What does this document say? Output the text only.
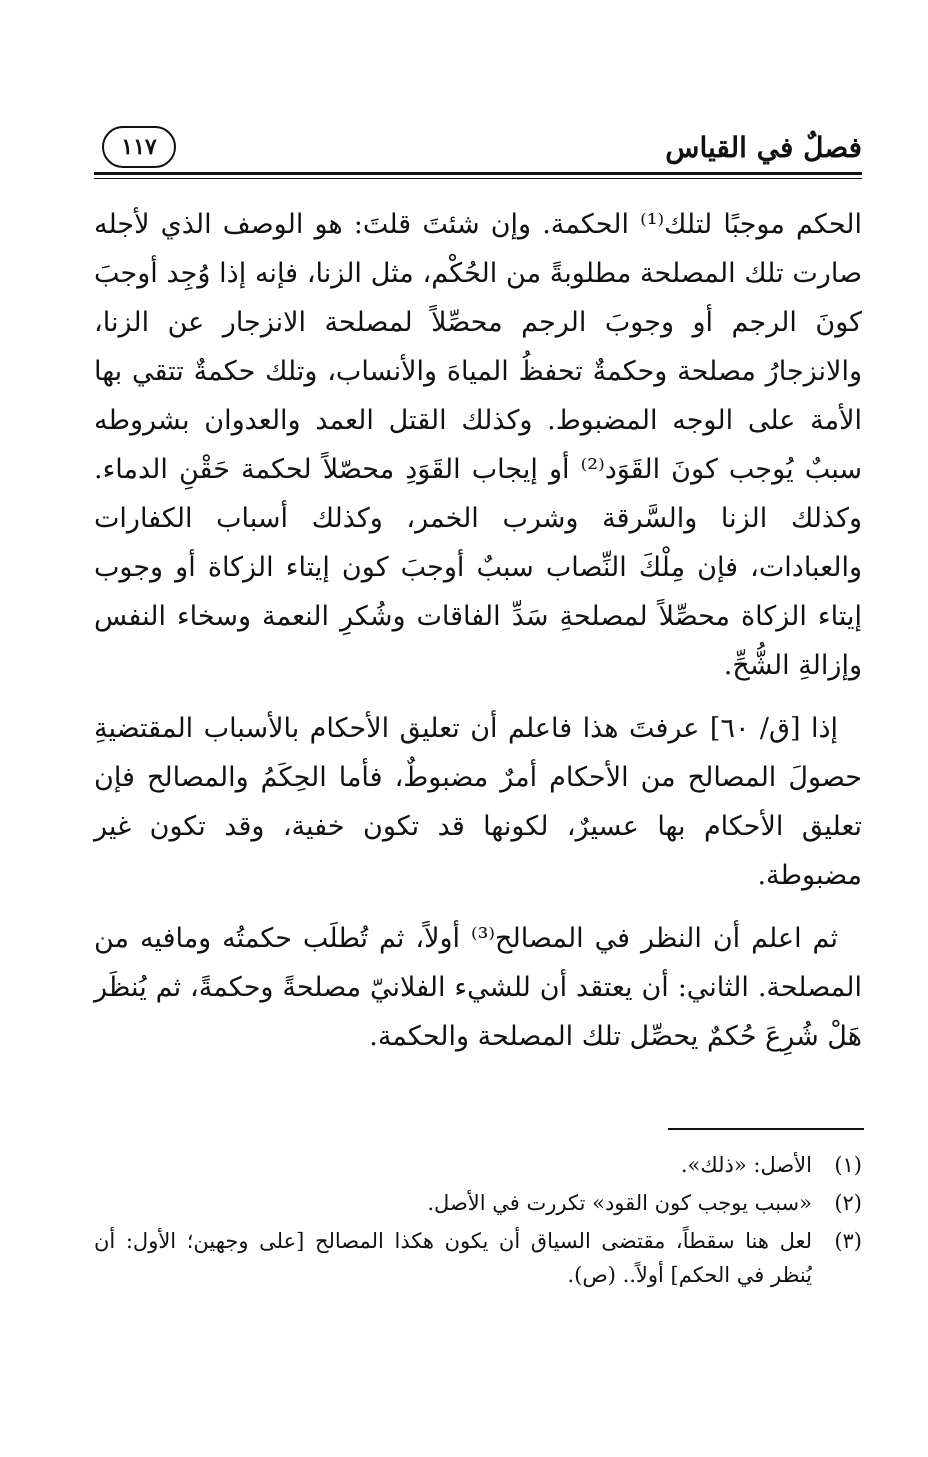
فصلٌ في القياس
١١٧

الحكم موجبًا لتلك⁽¹⁾ الحكمة. وإن شئتَ قلتَ: هو الوصف الذي لأجله صارت تلك المصلحة مطلوبةً من الحُكْم، مثل الزنا، فإنه إذا وُجِد أوجبَ كونَ الرجم أو وجوبَ الرجم محصِّلاً لمصلحة الانزجار عن الزنا، والانزجارُ مصلحة وحكمةٌ تحفظُ المياهَ والأنساب، وتلك حكمةٌ تتقي بها الأمة على الوجه المضبوط. وكذلك القتل العمد والعدوان بشروطه سببٌ يُوجب كونَ القَوَد⁽²⁾ أو إيجاب القَوَدِ محصّلاً لحكمة حَقْنِ الدماء. وكذلك الزنا والسَّرقة وشرب الخمر، وكذلك أسباب الكفارات والعبادات، فإن مِلْكَ النِّصاب سببٌ أوجبَ كون إيتاء الزكاة أو وجوب إيتاء الزكاة محصِّلاً لمصلحةِ سَدِّ الفاقات وشُكرِ النعمة وسخاء النفس وإزالةِ الشُّحِّ.

إذا [ق/ ٦٠] عرفتَ هذا فاعلم أن تعليق الأحكام بالأسباب المقتضيةِ حصولَ المصالح من الأحكام أمرٌ مضبوطٌ، فأما الحِكَمُ والمصالح فإن تعليق الأحكام بها عسيرٌ، لكونها قد تكون خفية، وقد تكون غير مضبوطة.

ثم اعلم أن النظر في المصالح⁽³⁾ أولاً، ثم تُطلَب حكمتُه ومافيه من المصلحة. الثاني: أن يعتقد أن للشيء الفلانيّ مصلحةً وحكمةً، ثم يُنظَر هَلْ شُرِعَ حُكمٌ يحصِّل تلك المصلحة والحكمة.

(١)
الأصل: «ذلك».
(٢)
«سبب يوجب كون القود» تكررت في الأصل.
(٣)
لعل هنا سقطاً، مقتضى السياق أن يكون هكذا المصالح [على وجهين؛ الأول: أن يُنظر في الحكم] أولاً.. (ص).
